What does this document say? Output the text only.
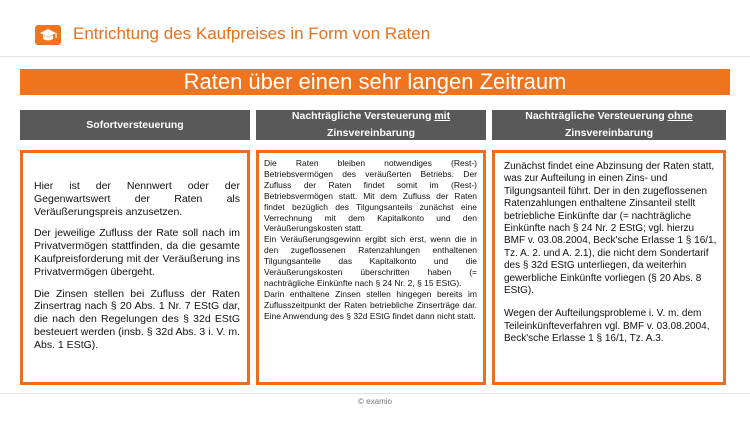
Entrichtung des Kaufpreises in Form von Raten
Raten über einen sehr langen Zeitraum
Sofortversteuerung
Nachträgliche Versteuerung mit
Zinsvereinbarung
Nachträgliche Versteuerung ohne
Zinsvereinbarung

Hier ist der Nennwert oder der Gegenwartswert der Raten als Veräußerungspreis anzusetzen.

Der jeweilige Zufluss der Rate soll nach im Privatvermögen stattfinden, da die gesamte Kaufpreisforderung mit der Veräußerung ins Privatvermögen übergeht.

Die Zinsen stellen bei Zufluss der Raten Zinsertrag nach § 20 Abs. 1 Nr. 7 EStG dar, die nach den Regelungen des § 32d EStG besteuert werden (insb. § 32d Abs. 3 i. V. m. Abs. 1 EStG).

Die Raten bleiben notwendiges (Rest-) Betriebsvermögen des veräußerten Betriebs. Der Zufluss der Raten findet somit im (Rest-) Betriebsvermögen statt. Mit dem Zufluss der Raten findet bezüglich des Tilgungsanteils zunächst eine Verrechnung mit dem Kapitalkonto und den Veräußerungskosten statt.

Ein Veräußerungsgewinn ergibt sich erst, wenn die in den zugeflossenen Ratenzahlungen enthaltenen Tilgungsanteile das Kapitalkonto und die Veräußerungskosten überschritten haben (= nachträgliche Einkünfte nach § 24 Nr. 2, § 15 EStG).

Darin enthaltene Zinsen stellen hingegen bereits im Zuflusszeitpunkt der Raten betriebliche Zinserträge dar. Eine Anwendung des § 32d EStG findet dann nicht statt.

Zunächst findet eine Abzinsung der Raten statt, was zur Aufteilung in einen Zins- und Tilgungsanteil führt. Der in den zugeflossenen Ratenzahlungen enthaltene Zinsanteil stellt betriebliche Einkünfte dar (= nachträgliche Einkünfte nach § 24 Nr. 2 EStG; vgl. hierzu BMF v. 03.08.2004, Beck'sche Erlasse 1 § 16/1, Tz. A. 2. und A. 2.1), die nicht dem Sondertarif des § 32d EStG unterliegen, da weiterhin gewerbliche Einkünfte vorliegen (§ 20 Abs. 8 EStG).

Wegen der Aufteilungsprobleme i. V. m. dem Teileinkünfteverfahren vgl. BMF v. 03.08.2004, Beck'sche Erlasse 1 § 16/1, Tz. A.3.

© examio
